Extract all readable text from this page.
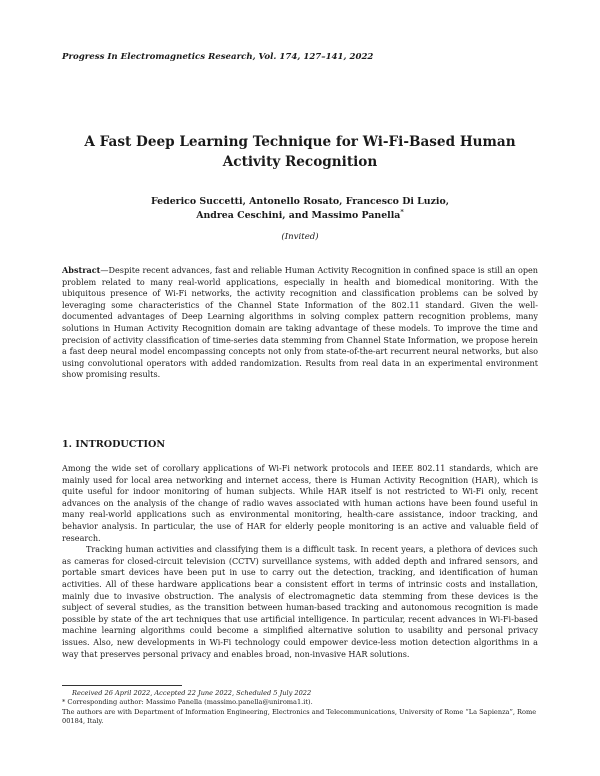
Progress In Electromagnetics Research, Vol. 174, 127–141, 2022
A Fast Deep Learning Technique for Wi-Fi-Based Human Activity Recognition
Federico Succetti, Antonello Rosato, Francesco Di Luzio,
Andrea Ceschini, and Massimo Panella*
(Invited)
Abstract—Despite recent advances, fast and reliable Human Activity Recognition in confined space is still an open problem related to many real-world applications, especially in health and biomedical monitoring. With the ubiquitous presence of Wi-Fi networks, the activity recognition and classification problems can be solved by leveraging some characteristics of the Channel State Information of the 802.11 standard. Given the well-documented advantages of Deep Learning algorithms in solving complex pattern recognition problems, many solutions in Human Activity Recognition domain are taking advantage of these models. To improve the time and precision of activity classification of time-series data stemming from Channel State Information, we propose herein a fast deep neural model encompassing concepts not only from state-of-the-art recurrent neural networks, but also using convolutional operators with added randomization. Results from real data in an experimental environment show promising results.
1. INTRODUCTION

Among the wide set of corollary applications of Wi-Fi network protocols and IEEE 802.11 standards, which are mainly used for local area networking and internet access, there is Human Activity Recognition (HAR), which is quite useful for indoor monitoring of human subjects. While HAR itself is not restricted to Wi-Fi only, recent advances on the analysis of the change of radio waves associated with human actions have been found useful in many real-world applications such as environmental monitoring, health-care assistance, indoor tracking, and behavior analysis. In particular, the use of HAR for elderly people monitoring is an active and valuable field of research.

Tracking human activities and classifying them is a difficult task. In recent years, a plethora of devices such as cameras for closed-circuit television (CCTV) surveillance systems, with added depth and infrared sensors, and portable smart devices have been put in use to carry out the detection, tracking, and identification of human activities. All of these hardware applications bear a consistent effort in terms of intrinsic costs and installation, mainly due to invasive obstruction. The analysis of electromagnetic data stemming from these devices is the subject of several studies, as the transition between human-based tracking and autonomous recognition is made possible by state of the art techniques that use artificial intelligence. In particular, recent advances in Wi-Fi-based machine learning algorithms could become a simplified alternative solution to usability and personal privacy issues. Also, new developments in Wi-Fi technology could empower device-less motion detection algorithms in a way that preserves personal privacy and enables broad, non-invasive HAR solutions.

Received 26 April 2022, Accepted 22 June 2022, Scheduled 5 July 2022
* Corresponding author: Massimo Panella (massimo.panella@uniroma1.it).
The authors are with Department of Information Engineering, Electronics and Telecommunications, University of Rome “La Sapienza”, Rome 00184, Italy.
